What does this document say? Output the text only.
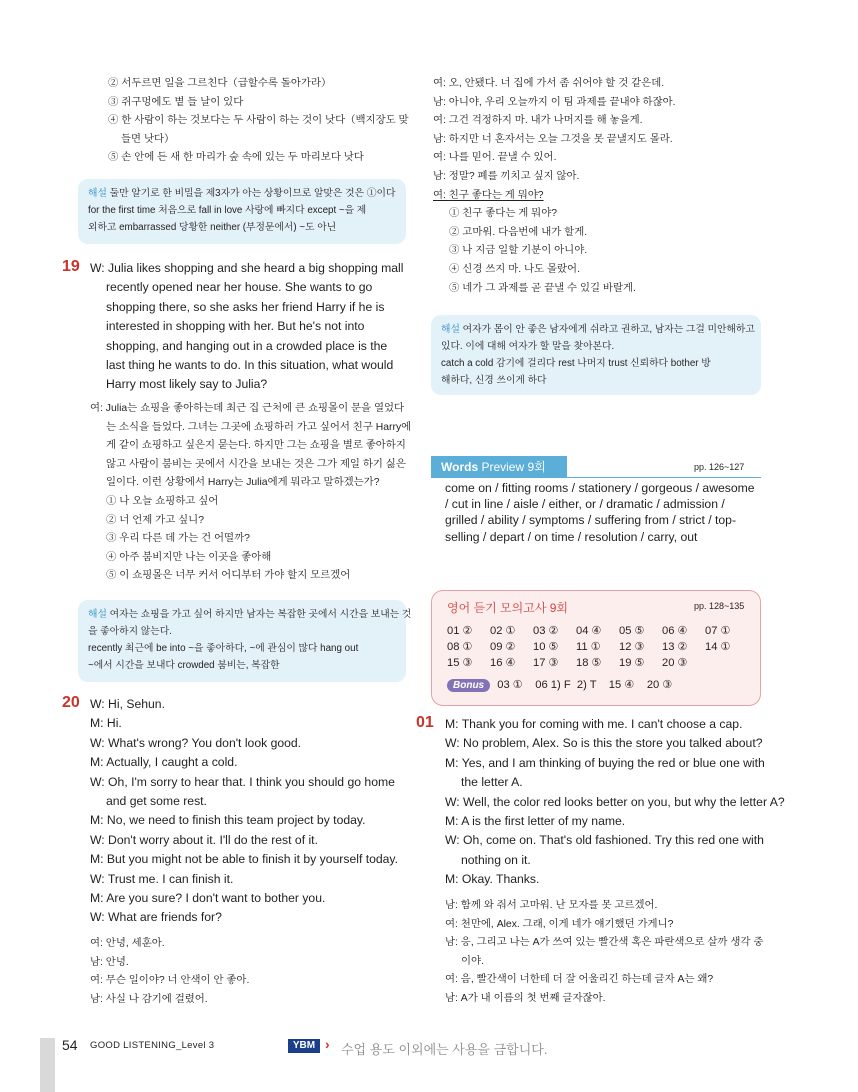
② 서두르면 일을 그르친다（급할수록 돌아가라）
③ 쥐구멍에도 볕 들 날이 있다
④ 한 사람이 하는 것보다는 두 사람이 하는 것이 낫다（백지장도 맞
들면 낫다）
⑤ 손 안에 든 새 한 마리가 숲 속에 있는 두 마리보다 낫다
해설 둘만 알기로 한 비밀을 제3자가 아는 상황이므로 알맞은 것은 ①이다
for the first time 처음으로 fall in love 사랑에 빠지다 except ~을 제
외하고 embarrassed 당황한 neither (부정문에서) ~도 아닌
19 W: Julia likes shopping and she heard a big shopping mall
recently opened near her house. She wants to go
shopping there, so she asks her friend Harry if he is
interested in shopping with her. But he's not into
shopping, and hanging out in a crowded place is the
last thing he wants to do. In this situation, what would
Harry most likely say to Julia?
여: Julia는 쇼핑을 좋아하는데 최근 집 근처에 큰 쇼핑몰이 문을 열었다
는 소식을 들었다. 그녀는 그곳에 쇼핑하러 가고 싶어서 친구 Harry에
게 같이 쇼핑하고 싶은지 묻는다. 하지만 그는 쇼핑을 별로 좋아하지
않고 사람이 붐비는 곳에서 시간을 보내는 것은 그가 제일 하기 싫은
일이다. 이런 상황에서 Harry는 Julia에게 뭐라고 말하겠는가?
① 나 오늘 쇼핑하고 싶어
② 너 언제 가고 싶니?
③ 우리 다른 데 가는 건 어떨까?
④ 아주 붐비지만 나는 이곳을 좋아해
⑤ 이 쇼핑몰은 너무 커서 어디부터 가야 할지 모르겠어
해설 여자는 쇼핑을 가고 싶어 하지만 남자는 복잡한 곳에서 시간을 보내는 것
을 좋아하지 않는다.
recently 최근에 be into ~을 좋아하다, ~에 관심이 많다 hang out
~에서 시간을 보내다 crowded 붐비는, 복잡한
20 W: Hi, Sehun.
M: Hi.
W: What's wrong? You don't look good.
M: Actually, I caught a cold.
W: Oh, I'm sorry to hear that. I think you should go home
and get some rest.
M: No, we need to finish this team project by today.
W: Don't worry about it. I'll do the rest of it.
M: But you might not be able to finish it by yourself today.
W: Trust me. I can finish it.
M: Are you sure? I don't want to bother you.
W: What are friends for?
여: 안녕, 세훈아.
남: 안녕.
여: 무슨 일이야? 너 안색이 안 좋아.
남: 사실 나 감기에 걸렸어.
여: 오, 안됐다. 너 집에 가서 좀 쉬어야 할 것 같은데.
남: 아니야, 우리 오늘까지 이 팀 과제를 끝내야 하잖아.
여: 그건 걱정하지 마. 내가 나머지를 해 놓을게.
남: 하지만 너 혼자서는 오늘 그것을 못 끝낼지도 몰라.
여: 나를 믿어. 끝낼 수 있어.
남: 정말? 폐를 끼치고 싶지 않아.
여: 친구 좋다는 게 뭐야?
① 친구 좋다는 게 뭐야?
② 고마워. 다음번에 내가 할게.
③ 나 지금 일할 기분이 아니야.
④ 신경 쓰지 마. 나도 몰랐어.
⑤ 네가 그 과제를 곧 끝낼 수 있길 바랄게.
해설 여자가 몸이 안 좋은 남자에게 쉬라고 권하고, 남자는 그걸 미안해하고
있다. 이에 대해 여자가 할 말을 찾아본다.
catch a cold 감기에 걸리다 rest 나머지 trust 신뢰하다 bother 방
해하다, 신경 쓰이게 하다
Words Preview 9회	pp. 126~127
come on / fitting rooms / stationery / gorgeous / awesome / cut in line / aisle / either, or / dramatic / admission / grilled / ability / symptoms / suffering from / strict / top-selling / depart / on time / resolution / carry, out
영어 듣기 모의고사 9회	pp. 128~135
01 ② 02 ① 03 ② 04 ④ 05 ⑤ 06 ④ 07 ①
08 ① 09 ② 10 ⑤ 11 ① 12 ③ 13 ② 14 ①
15 ③ 16 ④ 17 ③ 18 ⑤ 19 ⑤ 20 ③
Bonus 03 ①    06 1) F  2) T    15 ④    20 ③
01 M: Thank you for coming with me. I can't choose a cap.
W: No problem, Alex. So is this the store you talked about?
M: Yes, and I am thinking of buying the red or blue one with
the letter A.
W: Well, the color red looks better on you, but why the letter A?
M: A is the first letter of my name.
W: Oh, come on. That's old fashioned. Try this red one with
nothing on it.
M: Okay. Thanks.
남: 함께 와 줘서 고마워. 난 모자를 못 고르겠어.
여: 천만에, Alex. 그래, 이게 네가 얘기했던 가게니?
남: 응, 그리고 나는 A가 쓰여 있는 빨간색 혹은 파란색으로 살까 생각 중
이야.
여: 음, 빨간색이 너한테 더 잘 어울리긴 하는데 글자 A는 왜?
남: A가 내 이름의 첫 번째 글자잖아.
54 GOOD LISTENING_Level 3	YBM › 수업 용도 이외에는 사용을 금합니다.
